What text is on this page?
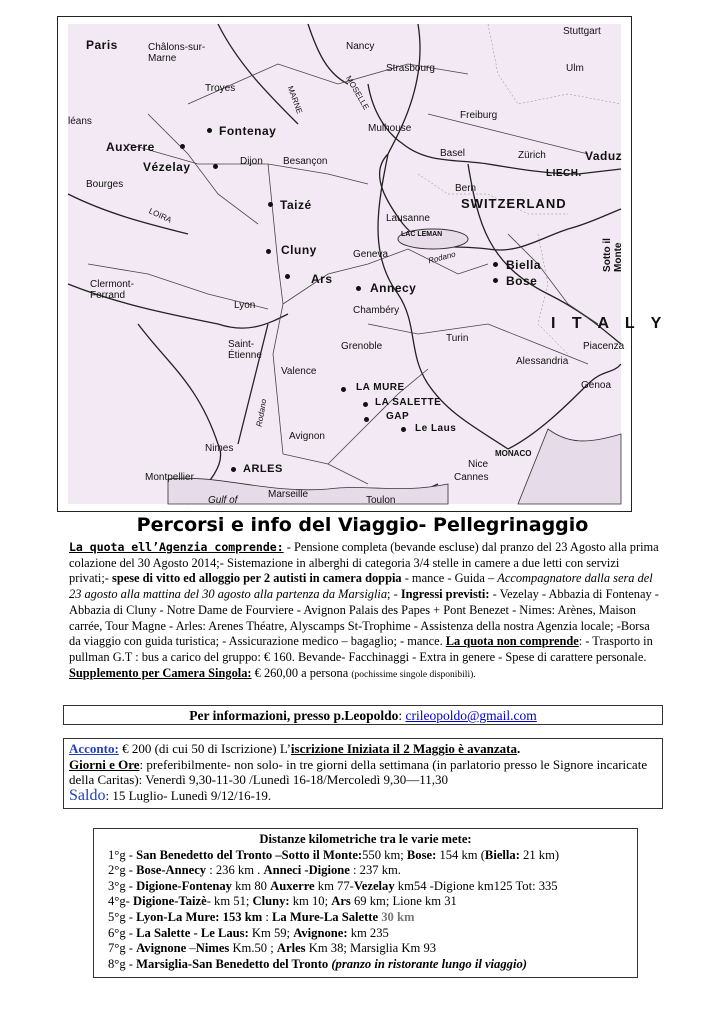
Paris	Châlons-sur-
Marne
Nancy
Stuttgart
Strasbourg	Ulm
Troyes	MARNE	MOSELLE
léans
Fontenay	Mulhouse
Freiburg
Auxerre
Vézelay	Dijon Besançon
Basel	Zürich	Vaduz
LIECH.
Bourges
Taizé
Bern
SWITZERLAND
LOIRA	Lausanne
LAC LEMAN
Cluny	Geneva	Rodano	Biella
Bose
Sotto il
Monte
Clermont-
Ferrand
Ars
Annecy
Lyon	Chambéry
I T A L Y
Saint-
Étienne
Grenoble
Turin
Piacenza
Alessandria
Valence
LA MURE
LA SALETTE
Genoa
GAP
Le Laus
Rodano
Nimes
Avignon
MONACO
Nice
Cannes
Montpellier
ARLES
Marseille
Gulf of	Toulon
Percorsi e info del Viaggio- Pellegrinaggio
La quota ell’Agenzia comprende: - Pensione completa (bevande escluse) dal pranzo del 23 Agosto alla prima colazione del 30 Agosto 2014;- Sistemazione in alberghi di categoria 3/4 stelle in camere a due letti con servizi privati;- spese di vitto ed alloggio per 2 autisti in camera doppia - mance - Guida – Accompagnatore dalla sera del 23 agosto alla mattina del 30 agosto alla partenza da Marsiglia; - Ingressi previsti: - Vezelay - Abbazia di Fontenay - Abbazia di Cluny - Notre Dame de Fourviere - Avignon Palais des Papes + Pont Benezet - Nimes: Arènes, Maison carrée, Tour Magne - Arles: Arenes Théatre, Alyscamps St-Trophime - Assistenza della nostra Agenzia locale; -Borsa da viaggio con guida turistica; - Assicurazione medico – bagaglio; - mance. La quota non comprende: - Trasporto in pullman G.T : bus a carico del gruppo: € 160. Bevande- Facchinaggi - Extra in genere - Spese di carattere personale. Supplemento per Camera Singola: € 260,00 a persona (pochissime singole disponibili).
Per informazioni, presso p.Leopoldo: crileopoldo@gmail.com
Acconto: € 200 (di cui 50 di Iscrizione) L’iscrizione Iniziata il 2 Maggio è avanzata.
Giorni e Ore: preferibilmente- non solo- in tre giorni della settimana (in parlatorio presso le Signore incaricate della Caritas): Venerdì 9,30-11-30 /Lunedì 16-18/Mercoledì 9,30—11,30
Saldo: 15 Luglio- Lunedì 9/12/16-19.
Distanze kilometriche tra le varie mete:
1°g - San Benedetto del Tronto –Sotto il Monte:550 km; Bose: 154 km (Biella: 21 km)
2°g - Bose-Annecy : 236 km . Anneci -Digione : 237 km.
3°g - Digione-Fontenay km 80 Auxerre km 77-Vezelay km54 -Digione km125 Tot: 335
4°g- Digione-Taizè- km 51; Cluny: km 10; Ars 69 km; Lione km 31
5°g - Lyon-La Mure: 153 km : La Mure-La Salette 30 km
6°g - La Salette - Le Laus: Km 59; Avignone: km 235
7°g - Avignone –Nimes Km.50 ; Arles Km 38; Marsiglia Km 93
8°g - Marsiglia-San Benedetto del Tronto (pranzo in ristorante lungo il viaggio)
